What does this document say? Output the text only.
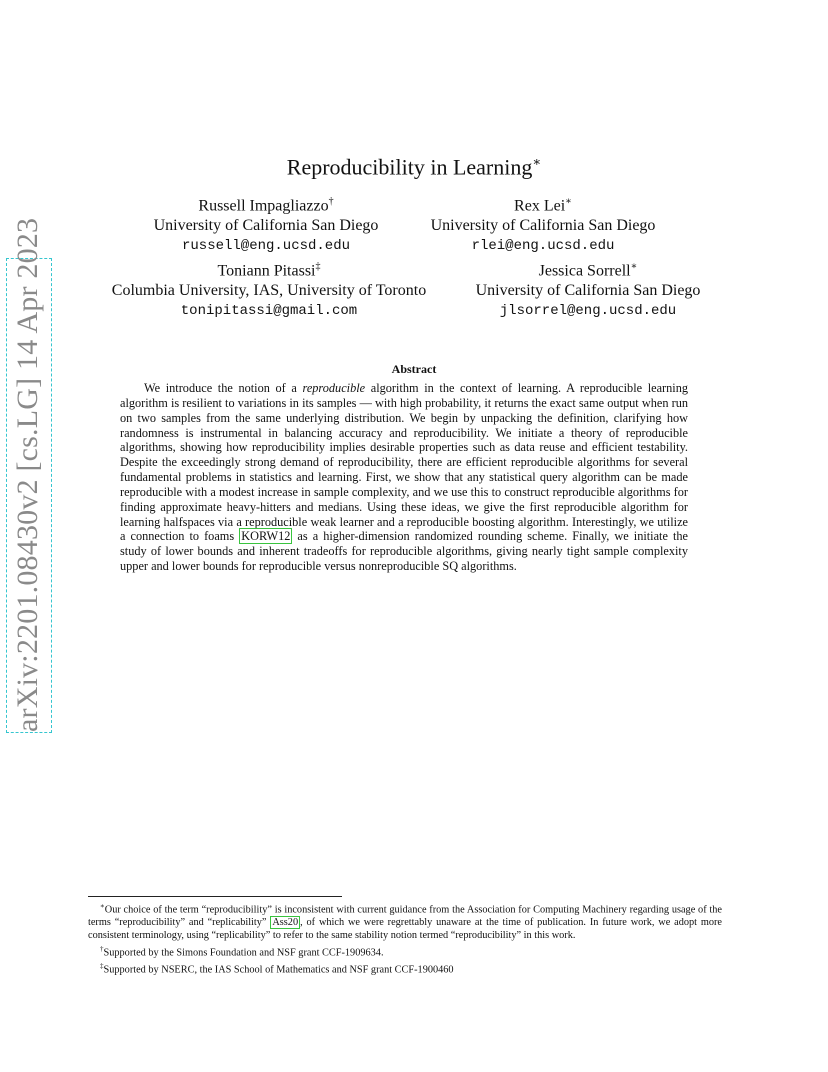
arXiv:2201.08430v2 [cs.LG] 14 Apr 2023
Reproducibility in Learning∗
Russell Impagliazzo†
University of California San Diego
russell@eng.ucsd.edu
Rex Lei∗
University of California San Diego
rlei@eng.ucsd.edu
Toniann Pitassi‡
Columbia University, IAS, University of Toronto
tonipitassi@gmail.com
Jessica Sorrell∗
University of California San Diego
jlsorrel@eng.ucsd.edu
Abstract

We introduce the notion of a reproducible algorithm in the context of learning. A reproducible learning algorithm is resilient to variations in its samples — with high probability, it returns the exact same output when run on two samples from the same underlying distribution. We begin by unpacking the definition, clarifying how randomness is instrumental in balancing accuracy and reproducibility. We initiate a theory of reproducible algorithms, showing how reproducibility implies desirable properties such as data reuse and efficient testability. Despite the exceedingly strong demand of reproducibility, there are efficient reproducible algorithms for several fundamental problems in statistics and learning. First, we show that any statistical query algorithm can be made reproducible with a modest increase in sample complexity, and we use this to construct reproducible algorithms for finding approximate heavy-hitters and medians. Using these ideas, we give the first reproducible algorithm for learning halfspaces via a reproducible weak learner and a reproducible boosting algorithm. Interestingly, we utilize a connection to foams KORW12 as a higher-dimension randomized rounding scheme. Finally, we initiate the study of lower bounds and inherent tradeoffs for reproducible algorithms, giving nearly tight sample complexity upper and lower bounds for reproducible versus nonreproducible SQ algorithms.

∗Our choice of the term “reproducibility” is inconsistent with current guidance from the Association for Computing Machinery regarding usage of the terms “reproducibility” and “replicability” Ass20 , of which we were regrettably unaware at the time of publication. In future work, we adopt more consistent terminology, using “replicability” to refer to the same stability notion termed “reproducibility” in this work.

†Supported by the Simons Foundation and NSF grant CCF-1909634.

‡Supported by NSERC, the IAS School of Mathematics and NSF grant CCF-1900460
